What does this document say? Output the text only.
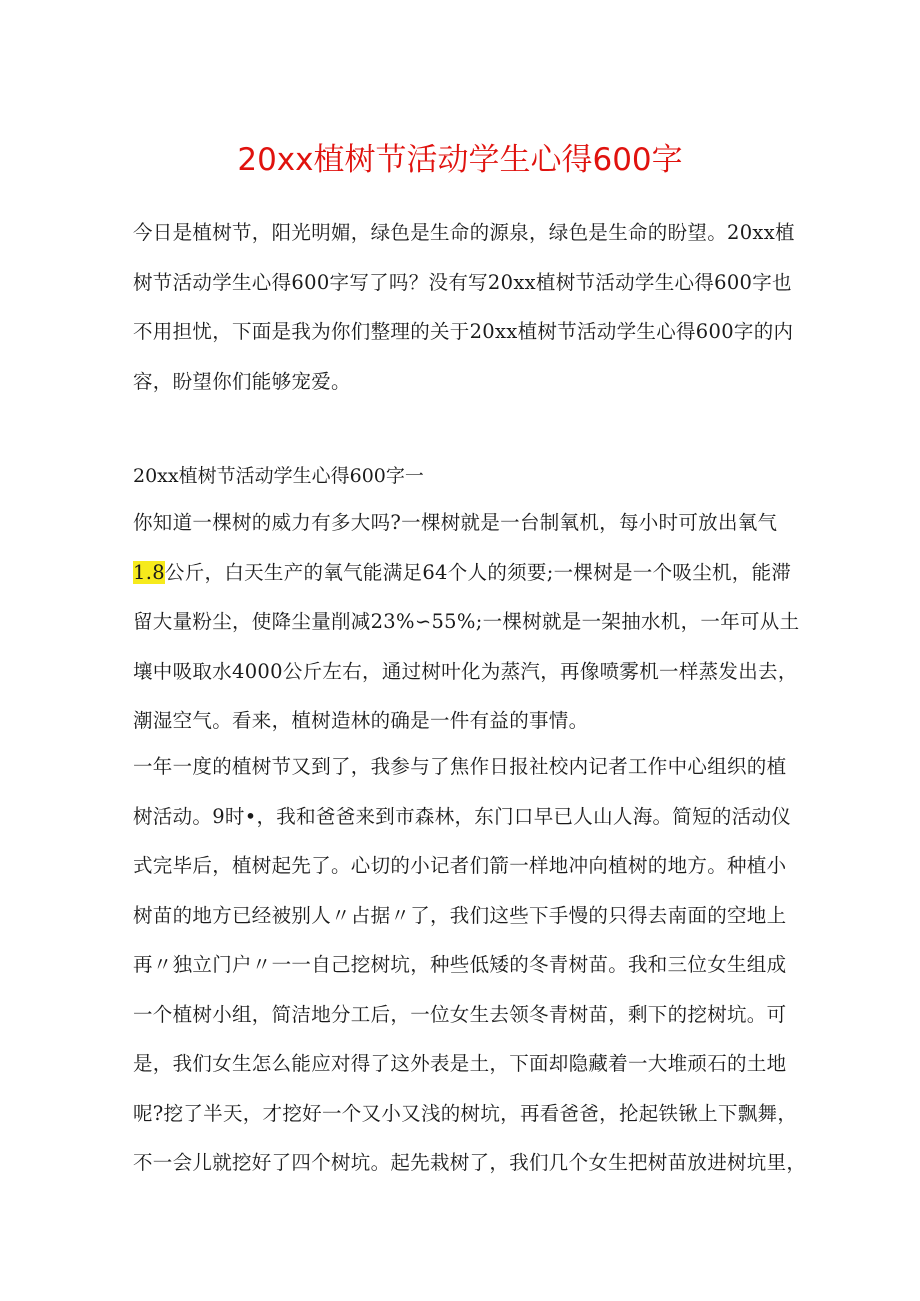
20xx植树节活动学生心得600字
今日是植树节，阳光明媚，绿色是生命的源泉，绿色是生命的盼望。20xx植
树节活动学生心得600字写了吗？没有写20xx植树节活动学生心得600字也
不用担忧，下面是我为你们整理的关于20xx植树节活动学生心得600字的内
容，盼望你们能够宠爱。
20xx植树节活动学生心得600字一
你知道一棵树的威力有多大吗?一棵树就是一台制氧机，每小时可放出氧气
1.8公斤，白天生产的氧气能满足64个人的须要;一棵树是一个吸尘机，能滞
留大量粉尘，使降尘量削减23%∽55%;一棵树就是一架抽水机，一年可从土
壤中吸取水4000公斤左右，通过树叶化为蒸汽，再像喷雾机一样蒸发出去，
潮湿空气。看来，植树造林的确是一件有益的事情。
一年一度的植树节又到了，我参与了焦作日报社校内记者工作中心组织的植
树活动。9时•，我和爸爸来到市森林，东门口早已人山人海。简短的活动仪
式完毕后，植树起先了。心切的小记者们箭一样地冲向植树的地方。种植小
树苗的地方已经被别人〃占据〃了，我们这些下手慢的只得去南面的空地上
再〃独立门户〃一一自己挖树坑，种些低矮的冬青树苗。我和三位女生组成
一个植树小组，简洁地分工后，一位女生去领冬青树苗，剩下的挖树坑。可
是，我们女生怎么能应对得了这外表是土，下面却隐藏着一大堆顽石的土地
呢?挖了半天，才挖好一个又小又浅的树坑，再看爸爸，抡起铁锹上下飘舞，
不一会儿就挖好了四个树坑。起先栽树了，我们几个女生把树苗放进树坑里，
